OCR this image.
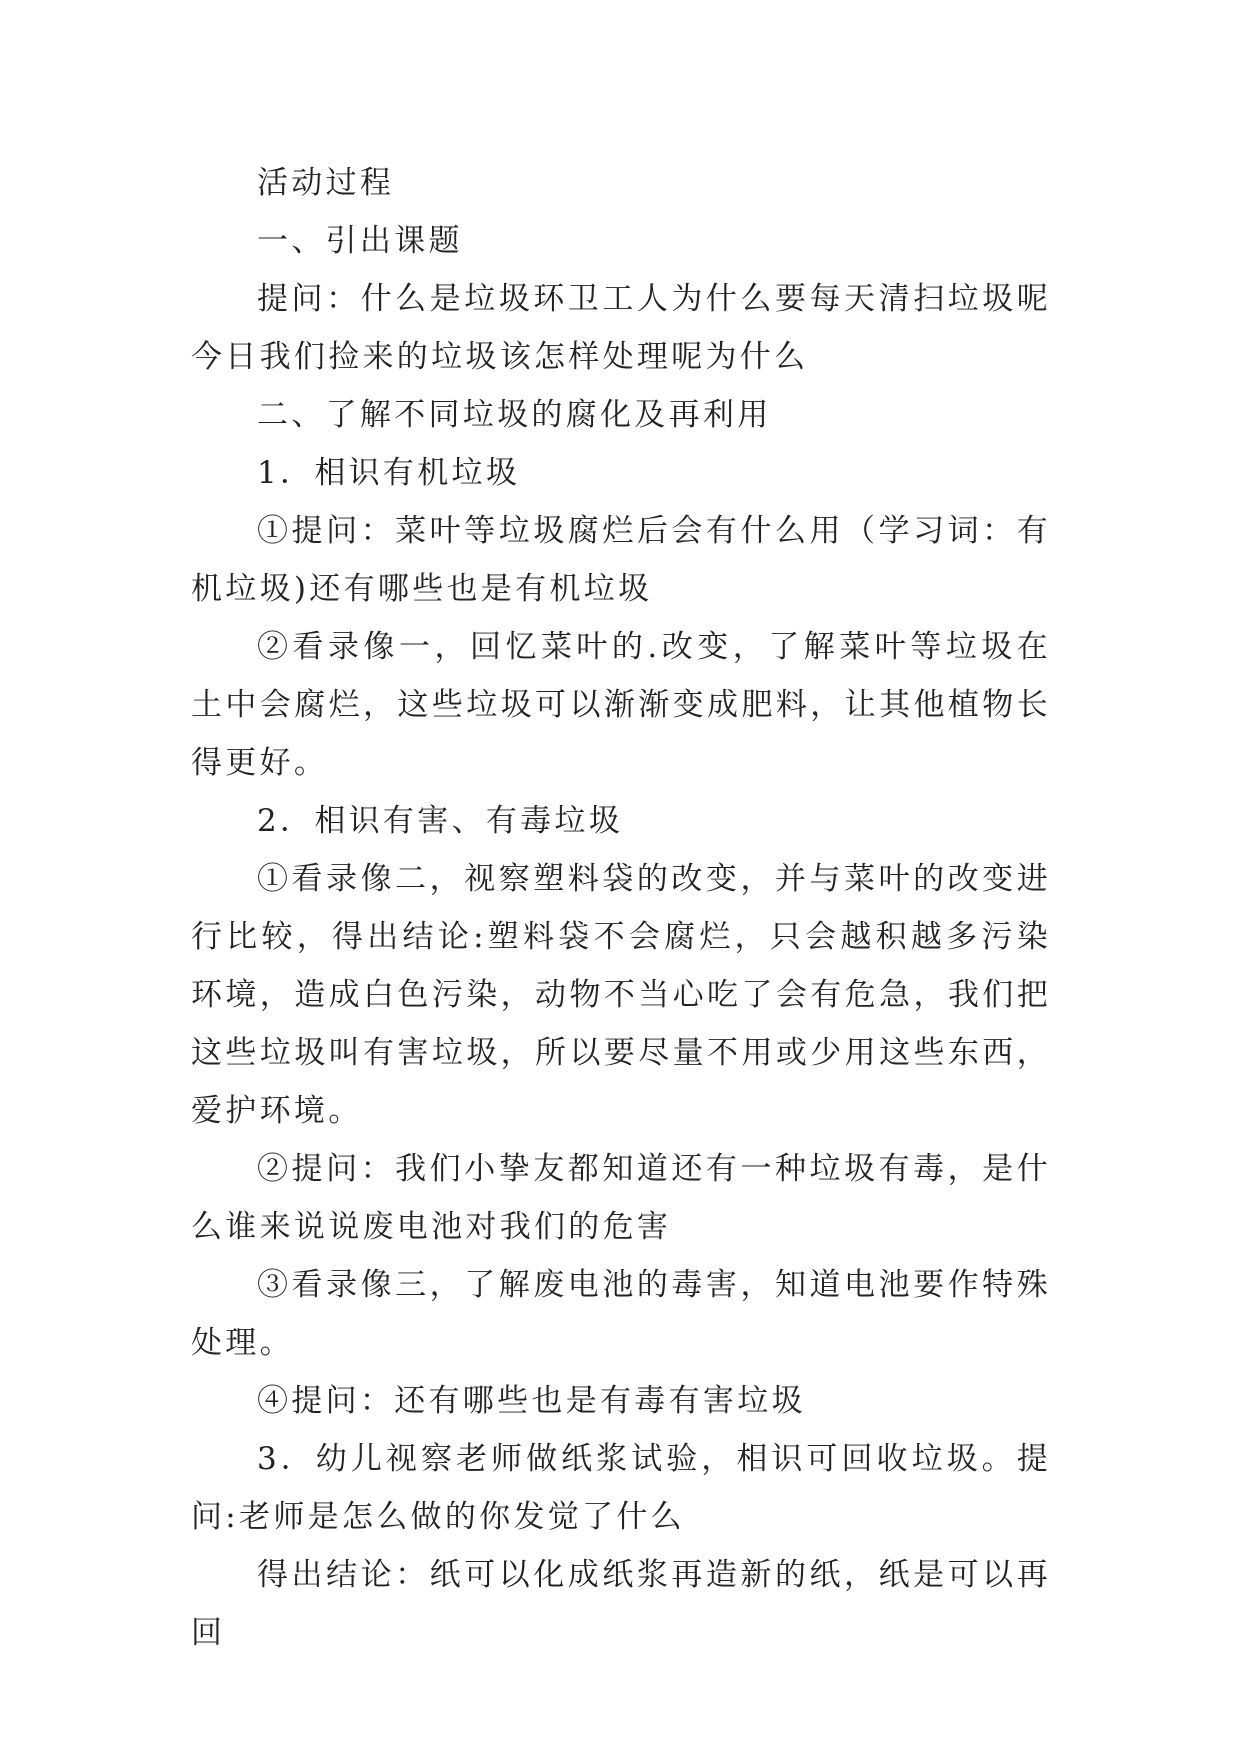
活动过程

一、引出课题

提问：什么是垃圾环卫工人为什么要每天清扫垃圾呢今日我们捡来的垃圾该怎样处理呢为什么

二、了解不同垃圾的腐化及再利用

1．相识有机垃圾

①提问：菜叶等垃圾腐烂后会有什么用（学习词：有机垃圾)还有哪些也是有机垃圾

②看录像一，回忆菜叶的.改变，了解菜叶等垃圾在土中会腐烂，这些垃圾可以渐渐变成肥料，让其他植物长得更好。

2．相识有害、有毒垃圾

①看录像二，视察塑料袋的改变，并与菜叶的改变进行比较，得出结论:塑料袋不会腐烂，只会越积越多污染环境，造成白色污染，动物不当心吃了会有危急，我们把这些垃圾叫有害垃圾，所以要尽量不用或少用这些东西，爱护环境。

②提问：我们小挚友都知道还有一种垃圾有毒，是什么谁来说说废电池对我们的危害

③看录像三，了解废电池的毒害，知道电池要作特殊处理。

④提问：还有哪些也是有毒有害垃圾

3．幼儿视察老师做纸浆试验，相识可回收垃圾。提问:老师是怎么做的你发觉了什么

得出结论：纸可以化成纸浆再造新的纸，纸是可以再回
